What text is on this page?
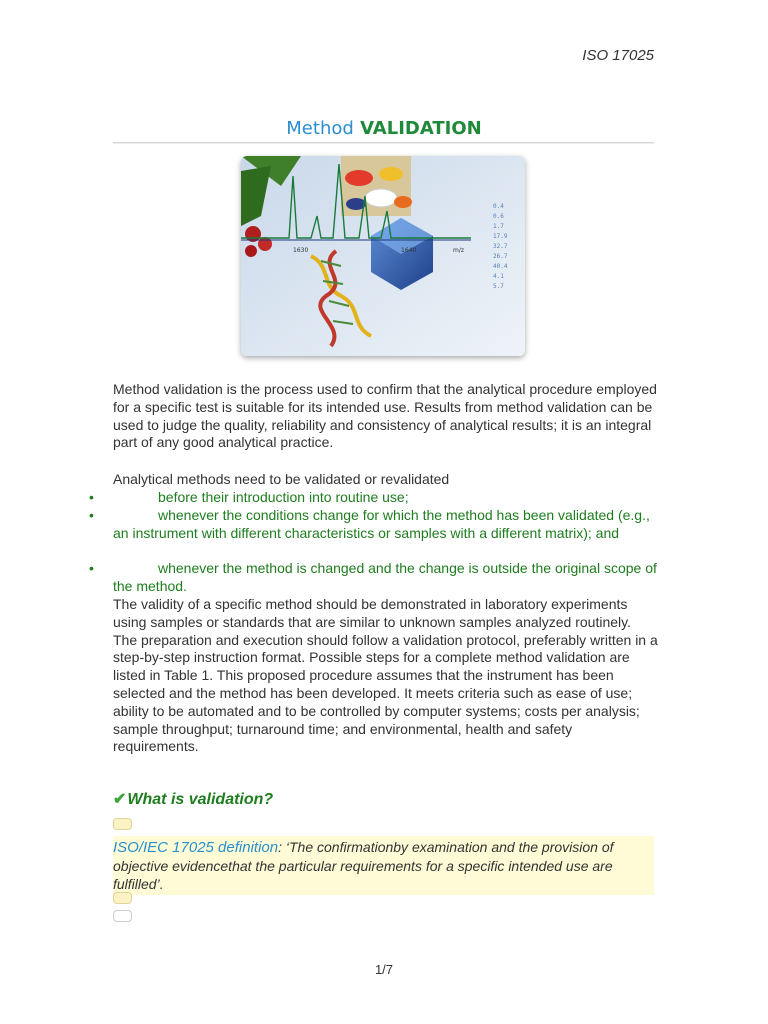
ISO 17025
Method VALIDATION
1630	1640	m/z
0.4
0.6
1.7
17.9
32.7
26.7
40.4
4.1
5.7
Method validation is the process used to confirm that the analytical procedure employed for a specific test is suitable for its intended use. Results from method validation can be used to judge the quality, reliability and consistency of analytical results; it is an integral part of any good analytical practice.
Analytical methods need to be validated or revalidated
•	before their introduction into routine use;
•	whenever the conditions change for which the method has been validated (e.g., an instrument with different characteristics or samples with a different matrix); and
•	whenever the method is changed and the change is outside the original scope of the method.
The validity of a specific method should be demonstrated in laboratory experiments using samples or standards that are similar to unknown samples analyzed routinely. The preparation and execution should follow a validation protocol, preferably written in a step-by-step instruction format. Possible steps for a complete method validation are listed in Table 1. This proposed procedure assumes that the instrument has been selected and the method has been developed. It meets criteria such as ease of use; ability to be automated and to be controlled by computer systems; costs per analysis; sample throughput; turnaround time; and environmental, health and safety requirements.
✔What is validation?
ISO/IEC 17025 definition: ‘The confirmationby examination and the provision of objective evidencethat the particular requirements for a specific intended use are fulfilled’.
1/7
